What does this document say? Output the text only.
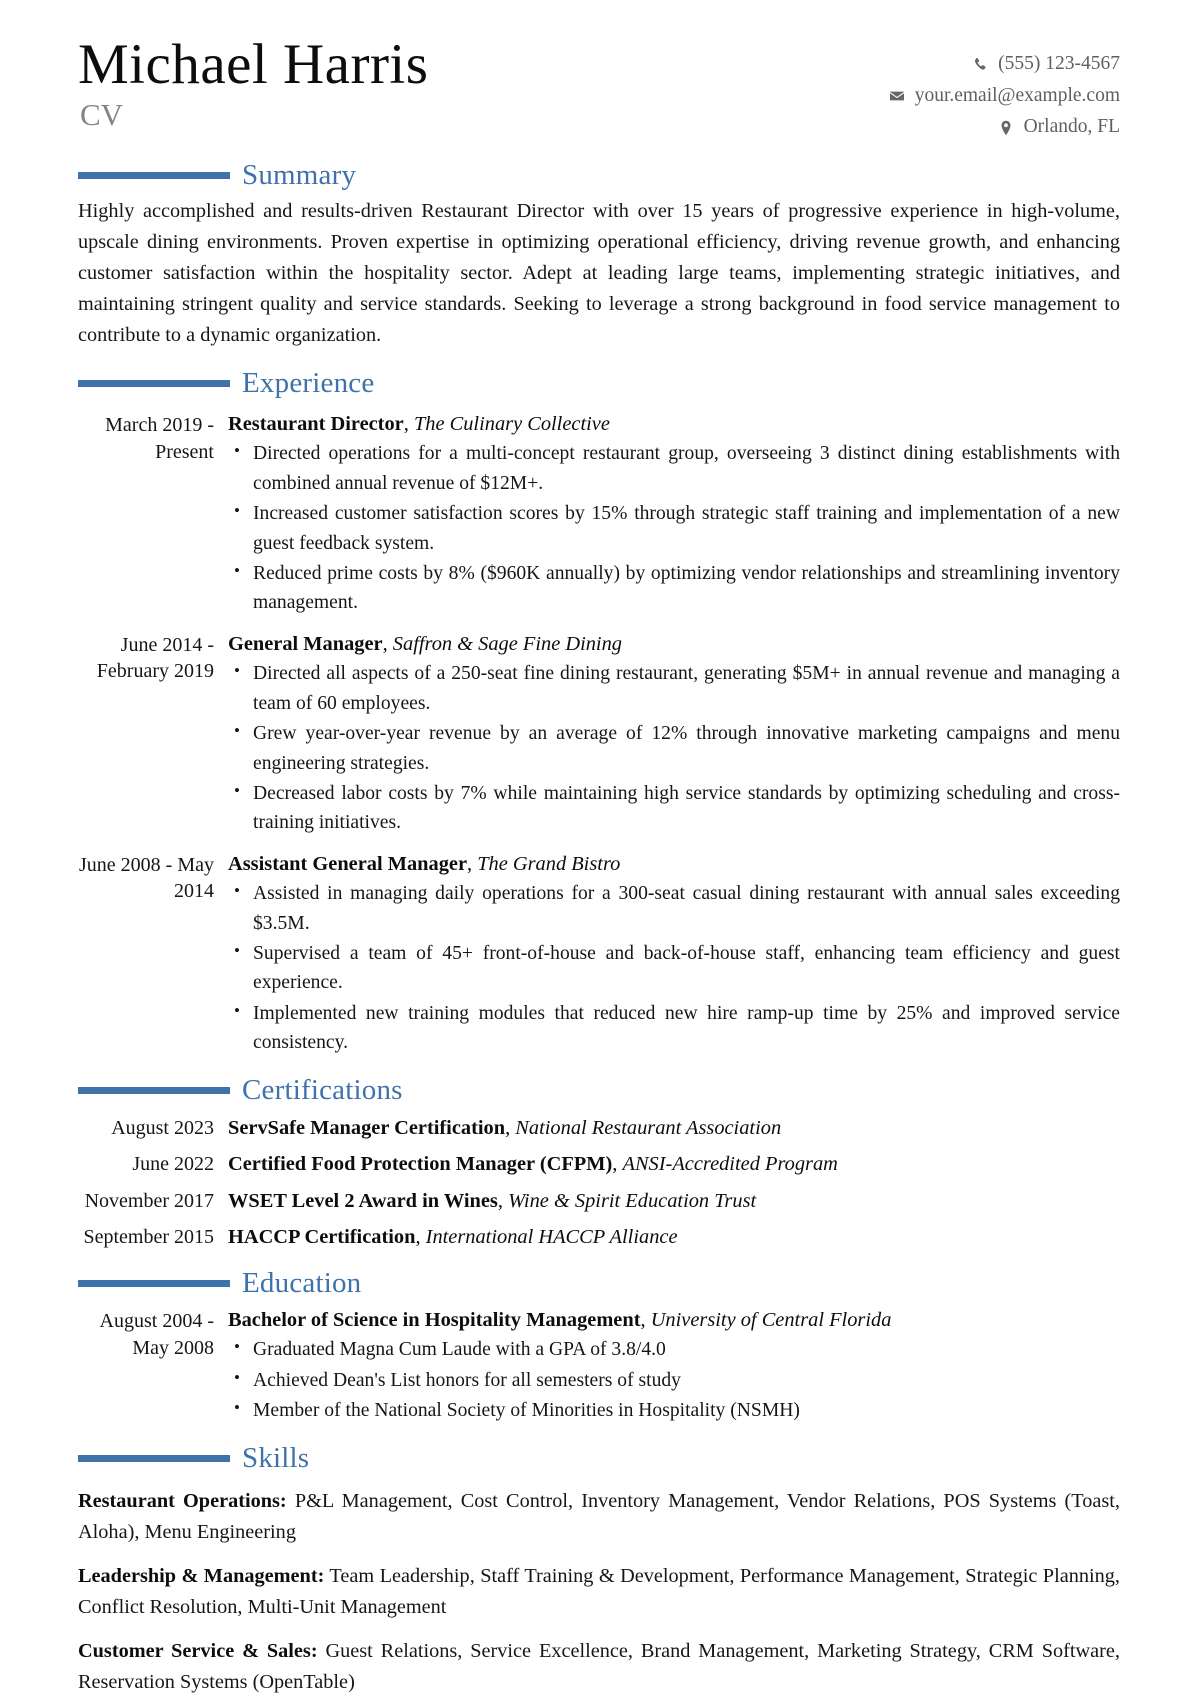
Michael Harris
CV
(555) 123-4567
your.email@example.com
Orlando, FL
Summary
Highly accomplished and results-driven Restaurant Director with over 15 years of progressive experience in high-volume, upscale dining environments. Proven expertise in optimizing operational efficiency, driving revenue growth, and enhancing customer satisfaction within the hospitality sector. Adept at leading large teams, implementing strategic initiatives, and maintaining stringent quality and service standards. Seeking to leverage a strong background in food service management to contribute to a dynamic organization.
Experience
March 2019 - Present
Restaurant Director, The Culinary Collective
• Directed operations for a multi-concept restaurant group, overseeing 3 distinct dining establishments with combined annual revenue of $12M+.
• Increased customer satisfaction scores by 15% through strategic staff training and implementation of a new guest feedback system.
• Reduced prime costs by 8% ($960K annually) by optimizing vendor relationships and streamlining inventory management.
June 2014 - February 2019
General Manager, Saffron & Sage Fine Dining
• Directed all aspects of a 250-seat fine dining restaurant, generating $5M+ in annual revenue and managing a team of 60 employees.
• Grew year-over-year revenue by an average of 12% through innovative marketing campaigns and menu engineering strategies.
• Decreased labor costs by 7% while maintaining high service standards by optimizing scheduling and cross-training initiatives.
June 2008 - May 2014
Assistant General Manager, The Grand Bistro
• Assisted in managing daily operations for a 300-seat casual dining restaurant with annual sales exceeding $3.5M.
• Supervised a team of 45+ front-of-house and back-of-house staff, enhancing team efficiency and guest experience.
• Implemented new training modules that reduced new hire ramp-up time by 25% and improved service consistency.
Certifications
August 2023 ServSafe Manager Certification, National Restaurant Association
June 2022 Certified Food Protection Manager (CFPM), ANSI-Accredited Program
November 2017 WSET Level 2 Award in Wines, Wine & Spirit Education Trust
September 2015 HACCP Certification, International HACCP Alliance
Education
August 2004 - May 2008
Bachelor of Science in Hospitality Management, University of Central Florida
• Graduated Magna Cum Laude with a GPA of 3.8/4.0
• Achieved Dean's List honors for all semesters of study
• Member of the National Society of Minorities in Hospitality (NSMH)
Skills
Restaurant Operations: P&L Management, Cost Control, Inventory Management, Vendor Relations, POS Systems (Toast, Aloha), Menu Engineering
Leadership & Management: Team Leadership, Staff Training & Development, Performance Management, Strategic Planning, Conflict Resolution, Multi-Unit Management
Customer Service & Sales: Guest Relations, Service Excellence, Brand Management, Marketing Strategy, CRM Software, Reservation Systems (OpenTable)
